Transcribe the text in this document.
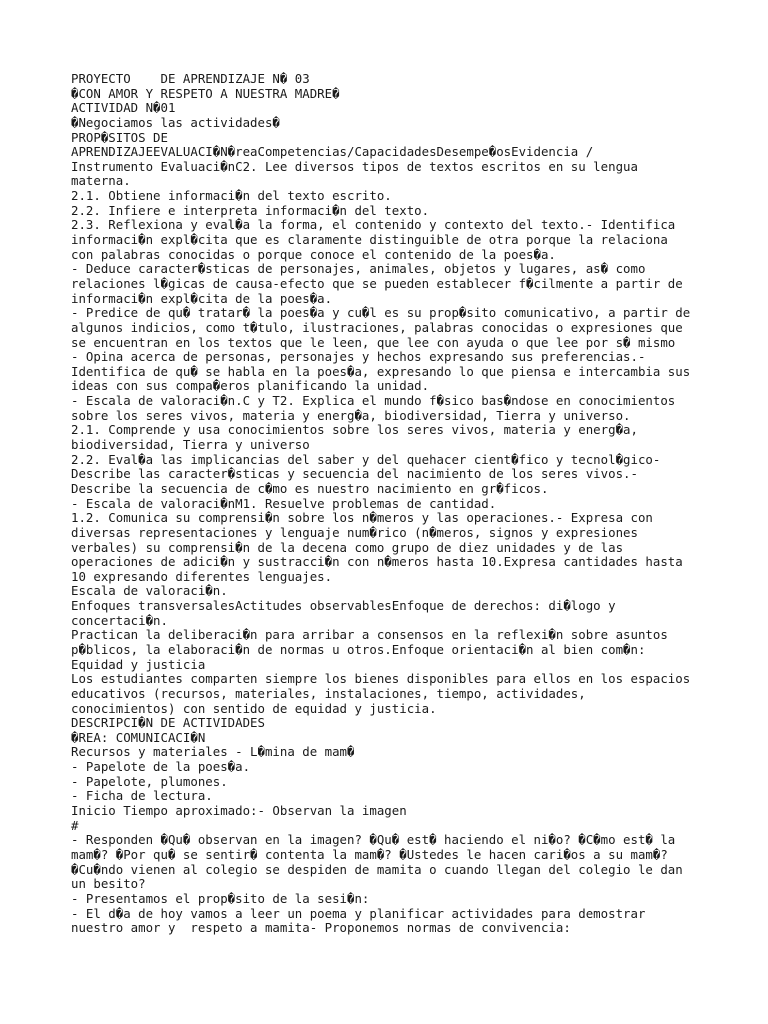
PROYECTO    DE APRENDIZAJE N� 03
�CON AMOR Y RESPETO A NUESTRA MADRE�
ACTIVIDAD N�01
�Negociamos las actividades�
PROP�SITOS DE
APRENDIZAJEEVALUACI�N�reaCompetencias/CapacidadesDesempe�osEvidencia /
Instrumento Evaluaci�nC2. Lee diversos tipos de textos escritos en su lengua
materna.
2.1. Obtiene informaci�n del texto escrito.
2.2. Infiere e interpreta informaci�n del texto.
2.3. Reflexiona y eval�a la forma, el contenido y contexto del texto.- Identifica
informaci�n expl�cita que es claramente distinguible de otra porque la relaciona
con palabras conocidas o porque conoce el contenido de la poes�a.
- Deduce caracter�sticas de personajes, animales, objetos y lugares, as� como
relaciones l�gicas de causa-efecto que se pueden establecer f�cilmente a partir de
informaci�n expl�cita de la poes�a.
- Predice de qu� tratar� la poes�a y cu�l es su prop�sito comunicativo, a partir de
algunos indicios, como t�tulo, ilustraciones, palabras conocidas o expresiones que
se encuentran en los textos que le leen, que lee con ayuda o que lee por s� mismo
- Opina acerca de personas, personajes y hechos expresando sus preferencias.-
Identifica de qu� se habla en la poes�a, expresando lo que piensa e intercambia sus
ideas con sus compa�eros planificando la unidad.
- Escala de valoraci�n.C y T2. Explica el mundo f�sico bas�ndose en conocimientos
sobre los seres vivos, materia y energ�a, biodiversidad, Tierra y universo.
2.1. Comprende y usa conocimientos sobre los seres vivos, materia y energ�a,
biodiversidad, Tierra y universo
2.2. Eval�a las implicancias del saber y del quehacer cient�fico y tecnol�gico-
Describe las caracter�sticas y secuencia del nacimiento de los seres vivos.-
Describe la secuencia de c�mo es nuestro nacimiento en gr�ficos.
- Escala de valoraci�nM1. Resuelve problemas de cantidad.
1.2. Comunica su comprensi�n sobre los n�meros y las operaciones.- Expresa con
diversas representaciones y lenguaje num�rico (n�meros, signos y expresiones
verbales) su comprensi�n de la decena como grupo de diez unidades y de las
operaciones de adici�n y sustracci�n con n�meros hasta 10.Expresa cantidades hasta
10 expresando diferentes lenguajes.
Escala de valoraci�n.
Enfoques transversalesActitudes observablesEnfoque de derechos: di�logo y
concertaci�n.
Practican la deliberaci�n para arribar a consensos en la reflexi�n sobre asuntos
p�blicos, la elaboraci�n de normas u otros.Enfoque orientaci�n al bien com�n:
Equidad y justicia
Los estudiantes comparten siempre los bienes disponibles para ellos en los espacios
educativos (recursos, materiales, instalaciones, tiempo, actividades,
conocimientos) con sentido de equidad y justicia.
DESCRIPCI�N DE ACTIVIDADES
�REA: COMUNICACI�N
Recursos y materiales - L�mina de mam�
- Papelote de la poes�a.
- Papelote, plumones.
- Ficha de lectura.
Inicio Tiempo aproximado:- Observan la imagen
#
- Responden �Qu� observan en la imagen? �Qu� est� haciendo el ni�o? �C�mo est� la
mam�? �Por qu� se sentir� contenta la mam�? �Ustedes le hacen cari�os a su mam�?
�Cu�ndo vienen al colegio se despiden de mamita o cuando llegan del colegio le dan
un besito?
- Presentamos el prop�sito de la sesi�n:
- El d�a de hoy vamos a leer un poema y planificar actividades para demostrar
nuestro amor y  respeto a mamita- Proponemos normas de convivencia:
